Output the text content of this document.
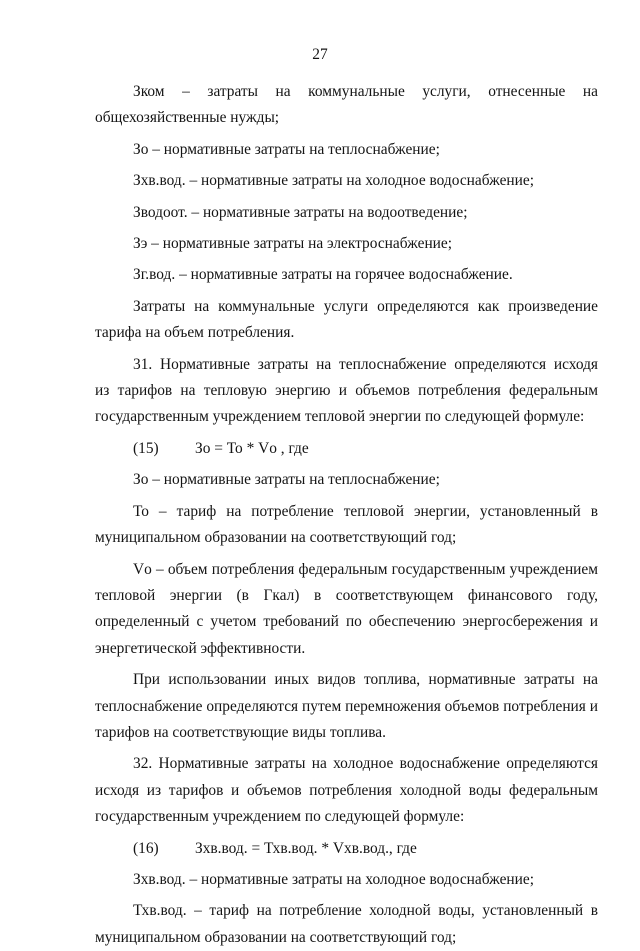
27
Зком – затраты на коммунальные услуги, отнесенные на
общехозяйственные нужды;
Зо – нормативные затраты на теплоснабжение;
Зхв.вод. – нормативные затраты на холодное водоснабжение;
Зводоот. – нормативные затраты на водоотведение;
Зэ – нормативные затраты на электроснабжение;
Зг.вод. – нормативные затраты на горячее водоснабжение.
Затраты на коммунальные услуги определяются как произведение
тарифа на объем потребления.
31. Нормативные затраты на теплоснабжение определяются исходя
из тарифов на тепловую энергию и объемов потребления федеральным
государственным учреждением тепловой энергии по следующей формуле:
(15) Зо = То * Vо , где
Зо – нормативные затраты на теплоснабжение;
То – тариф на потребление тепловой энергии, установленный в
муниципальном образовании на соответствующий год;
Vо – объем потребления федеральным государственным учреждением
тепловой энергии (в Гкал) в соответствующем финансового году,
определенный с учетом требований по обеспечению энергосбережения и
энергетической эффективности.
При использовании иных видов топлива, нормативные затраты на
теплоснабжение определяются путем перемножения объемов потребления и
тарифов на соответствующие виды топлива.
32. Нормативные затраты на холодное водоснабжение определяются
исходя из тарифов и объемов потребления холодной воды федеральным
государственным учреждением по следующей формуле:
(16) Зхв.вод. = Тхв.вод. * Vхв.вод., где
Зхв.вод. – нормативные затраты на холодное водоснабжение;
Тхв.вод. – тариф на потребление холодной воды, установленный в
муниципальном образовании на соответствующий год;
